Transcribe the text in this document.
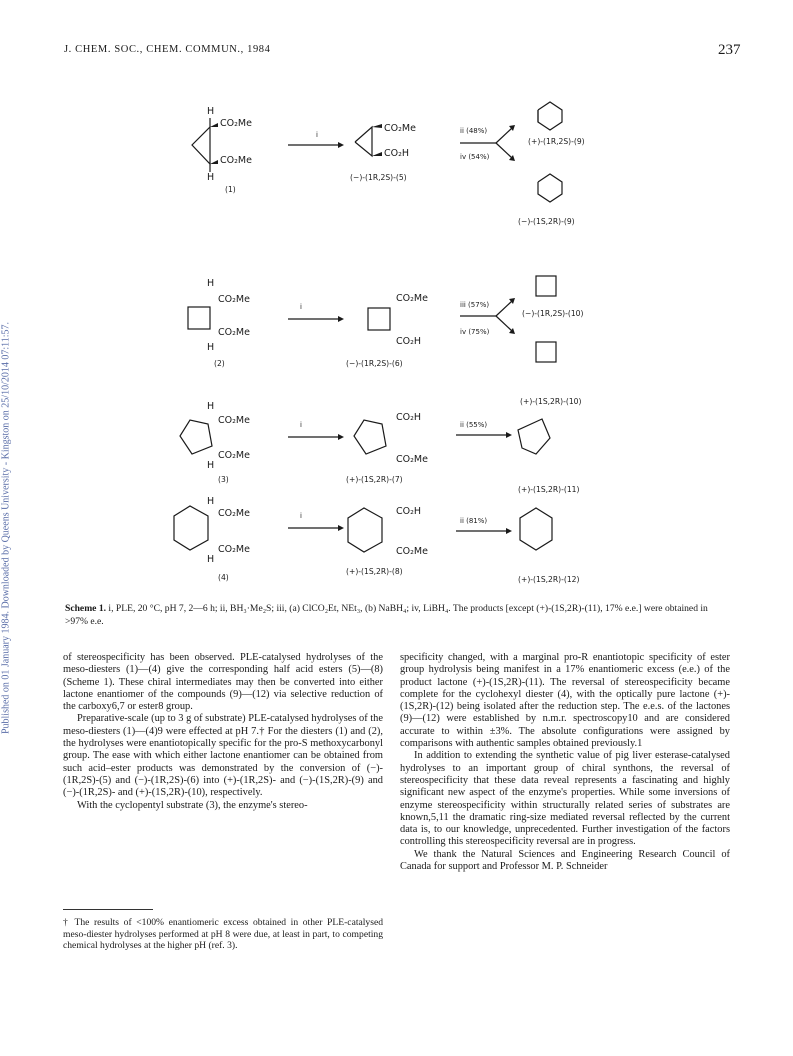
J. CHEM. SOC., CHEM. COMMUN., 1984	237
Published on 01 January 1984. Downloaded by Queens University - Kingston on 25/10/2014 07:11:57.
H
CO₂Me
CO₂Me
H
(1)
i
CO₂Me
CO₂H
(−)-(1R,2S)-(5)
ii (48%)
iv (54%)
(+)-(1R,2S)-(9)
(−)-(1S,2R)-(9)
H
CO₂Me
CO₂Me
H
(2)
i
CO₂Me
CO₂H
(−)-(1R,2S)-(6)
iii (57%)
iv (75%)
(−)-(1R,2S)-(10)
(+)-(1S,2R)-(10)
H
CO₂Me
CO₂Me
H
(3)
i
CO₂H
CO₂Me
(+)-(1S,2R)-(7)
ii (55%)
(+)-(1S,2R)-(11)
H
CO₂Me
CO₂Me
H
(4)
i	CO₂H
CO₂Me
(+)-(1S,2R)-(8)
ii (81%)
(+)-(1S,2R)-(12)
Scheme 1. i, PLE, 20 °C, pH 7, 2—6 h; ii, BH₃·Me₂S; iii, (a) ClCO₂Et, NEt₃, (b) NaBH₄; iv, LiBH₄. The products [except (+)-(1S,2R)-(11), 17% e.e.] were obtained in >97% e.e.

of stereospecificity has been observed. PLE-catalysed hydrolyses of the meso-diesters (1)—(4) give the corresponding half acid esters (5)—(8) (Scheme 1). These chiral intermediates may then be converted into either lactone enantiomer of the compounds (9)—(12) via selective reduction of the carboxy6,7 or ester8 group.

Preparative-scale (up to 3 g of substrate) PLE-catalysed hydrolyses of the meso-diesters (1)—(4)9 were effected at pH 7.† For the diesters (1) and (2), the hydrolyses were enantiotopically specific for the pro-S methoxycarbonyl group. The ease with which either lactone enantiomer can be obtained from such acid–ester products was demonstrated by the conversion of (−)-(1R,2S)-(5) and (−)-(1R,2S)-(6) into (+)-(1R,2S)- and (−)-(1S,2R)-(9) and (−)-(1R,2S)- and (+)-(1S,2R)-(10), respectively.

With the cyclopentyl substrate (3), the enzyme's stereo-

† The results of <100% enantiomeric excess obtained in other PLE-catalysed meso-diester hydrolyses performed at pH 8 were due, at least in part, to competing chemical hydrolyses at the higher pH (ref. 3).

specificity changed, with a marginal pro-R enantiotopic specificity of ester group hydrolysis being manifest in a 17% enantiomeric excess (e.e.) of the product lactone (+)-(1S,2R)-(11). The reversal of stereospecificity became complete for the cyclohexyl diester (4), with the optically pure lactone (+)-(1S,2R)-(12) being isolated after the reduction step. The e.e.s. of the lactones (9)—(12) were established by n.m.r. spectroscopy10 and are considered accurate to within ±3%. The absolute configurations were assigned by comparisons with authentic samples obtained previously.1

In addition to extending the synthetic value of pig liver esterase-catalysed hydrolyses to an important group of chiral synthons, the reversal of stereospecificity that these data reveal represents a fascinating and highly significant new aspect of the enzyme's properties. While some inversions of enzyme stereospecificity within structurally related series of substrates are known,5,11 the dramatic ring-size mediated reversal reflected by the current data is, to our knowledge, unprecedented. Further investigation of the factors controlling this stereospecificity reversal are in progress.

We thank the Natural Sciences and Engineering Research Council of Canada for support and Professor M. P. Schneider
